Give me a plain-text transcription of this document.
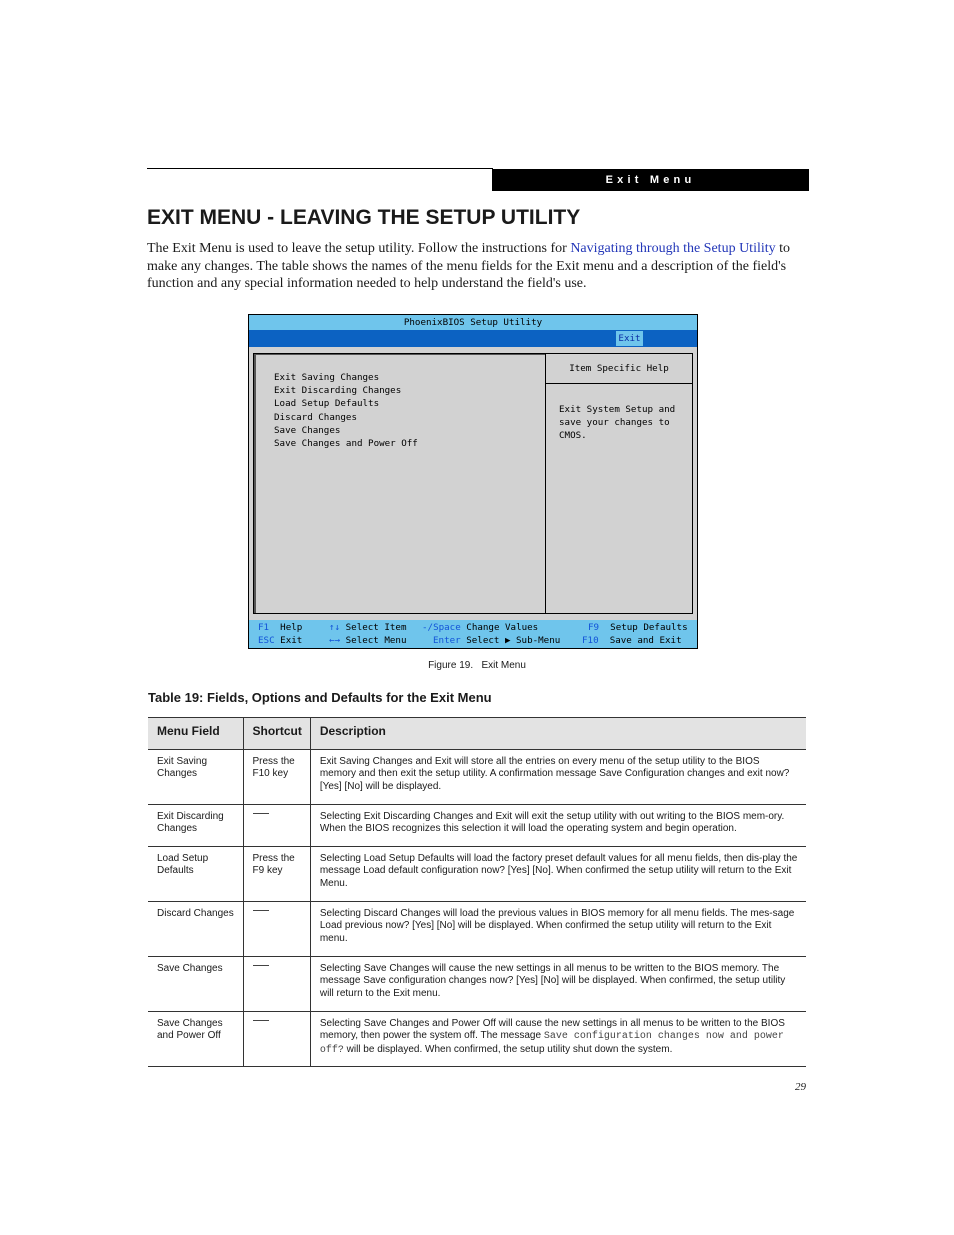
Exit Menu
EXIT MENU - LEAVING THE SETUP UTILITY

The Exit Menu is used to leave the setup utility. Follow the instructions for Navigating through the Setup Utility to make any changes. The table shows the names of the menu fields for the Exit menu and a description of the field's function and any special information needed to help understand the field's use.

PhoenixBIOS Setup Utility
Exit
Exit Saving Changes
Exit Discarding Changes
Load Setup Defaults
Discard Changes
Save Changes
Save Changes and Power Off
Item Specific Help
Exit System Setup and
save your changes to
CMOS.
F1 Help
ESC Exit
↑↓ Select Item
←→ Select Menu
-/Space Change Values
Enter Select ▶ Sub-Menu
F9 Setup Defaults
F10 Save and Exit
Figure 19.   Exit Menu
Table 19: Fields, Options and Defaults for the Exit Menu
Menu Field	Shortcut	Description
Exit Saving Changes	Press the F10 key	Exit Saving Changes and Exit will store all the entries on every menu of the setup utility to the BIOS memory and then exit the setup utility. A confirmation message Save Configuration changes and exit now? [Yes] [No] will be displayed.
Exit Discarding Changes		Selecting Exit Discarding Changes and Exit will exit the setup utility with out writing to the BIOS mem-ory. When the BIOS recognizes this selection it will load the operating system and begin operation.
Load Setup Defaults	Press the F9 key	Selecting Load Setup Defaults will load the factory preset default values for all menu fields, then dis-play the message Load default configuration now? [Yes] [No]. When confirmed the setup utility will return to the Exit Menu.
Discard Changes		Selecting Discard Changes will load the previous values in BIOS memory for all menu fields. The mes-sage Load previous now? [Yes] [No] will be displayed. When confirmed the setup utility will return to the Exit menu.
Save Changes		Selecting Save Changes will cause the new settings in all menus to be written to the BIOS memory. The message Save configuration changes now? [Yes] [No] will be displayed. When confirmed, the setup utility will return to the Exit menu.
Save Changes and Power Off		Selecting Save Changes and Power Off will cause the new settings in all menus to be written to the BIOS memory, then power the system off. The message Save configuration changes now and power off? will be displayed. When confirmed, the setup utility shut down the system.
29
